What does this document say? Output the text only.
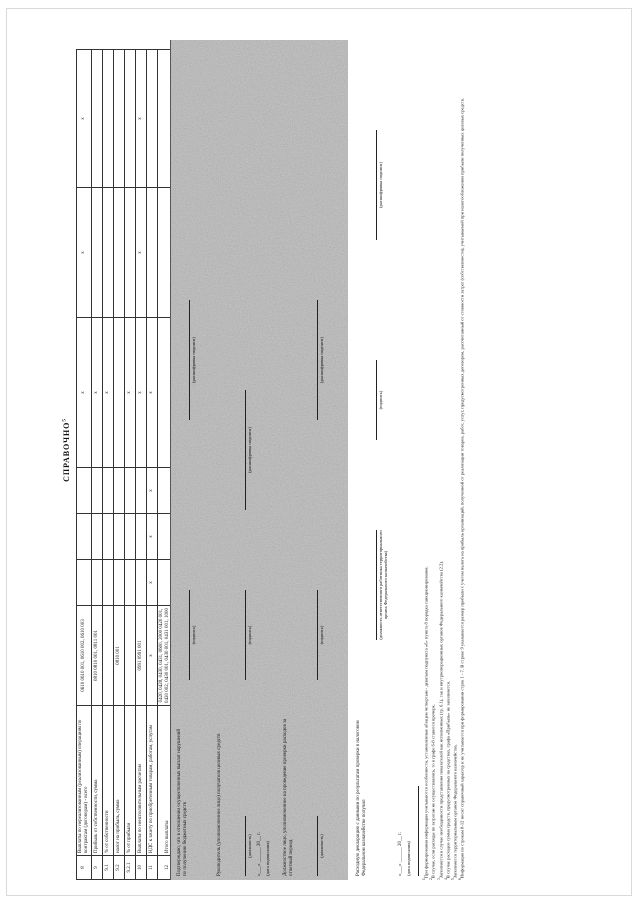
СПРАВОЧНО$^5$
8	Выплаты по нереализованным (реализованным) операциям по контрактам (договорам) - всего	0610 0610 001, 0610 002, 0610 003				x	x	x
9	Прибыль от собственности, сумма	0810 0810 001, 0811 001				x		
9.1	% от собственности					x		
9.2	налог на прибыль, сумма	0810 001						
9.2.1	% от прибыли					x		
10	Выплаты по неисполнительным расчетам	0991 0991 001				x	x	x
11	НДС к зачету по приобретенным товарам, работам, услугам	x	x	x	x	x		
12	Итого выплаты	0420, 0428, 0430, 0431, 0600, 2000 0420 001, 0420 002, 0430 001, 0430 001, 0431 001, 1000						
Подтверждаю, что в отношении осуществленных выплат нарушений по получению бюджетных средств
(подпись)
(расшифровка подписи)
Руководитель (уполномоченное лицо) получателя целевых средств	(должность)
(подпись)
(расшифровка подписи)
«___» ______ 20__ г. (дата подписания)	Должностное лицо, уполномоченное на проведение проверки расходов за отчетный период	(должность)
(подпись)
(расшифровка подписи)
Расходную декларацию с данными по результатам проверки в налоговом Федеральном казначействе получил
(должность ответственного работника территориального органа Федерального казначейства)
(подпись)
(расшифровка подписи)
«___» ______ 20__ г. (дата подписания)
$^1$При формировании информации учитываются особенности, установленные абзацем четвертым - девятым подпункта «б» пункта 8 порядка санкционирования.
$^2$В случае, если расходы по затратам не осуществлялись, то в графе 6-8 ставится прочерк.
$^3$Заполняется в случае необходимости представления показателей как исполненных (гр. 6.1), так и внутриоперационных органов Федерального казначейства (2.2).
$^4$В случае расходов сумма средств, предусмотренных на средствах, графа «Прибыль» не заполняется.
$^5$Заполняется территориальным органом Федерального казначейства.
$^6$Информация по строкам 8-12 носит справочный характер и не учитывается при формировании строк 1 - 7. В строке 9 указывается размер прибыли с учетом налога на прибыль организаций, полученной от реализации товаров, работ, услуг, предусмотренных договором, рассчитанный от стоимости затрат (собственности), учитываемой при налогообложении прибыли полученных целевых средств.
